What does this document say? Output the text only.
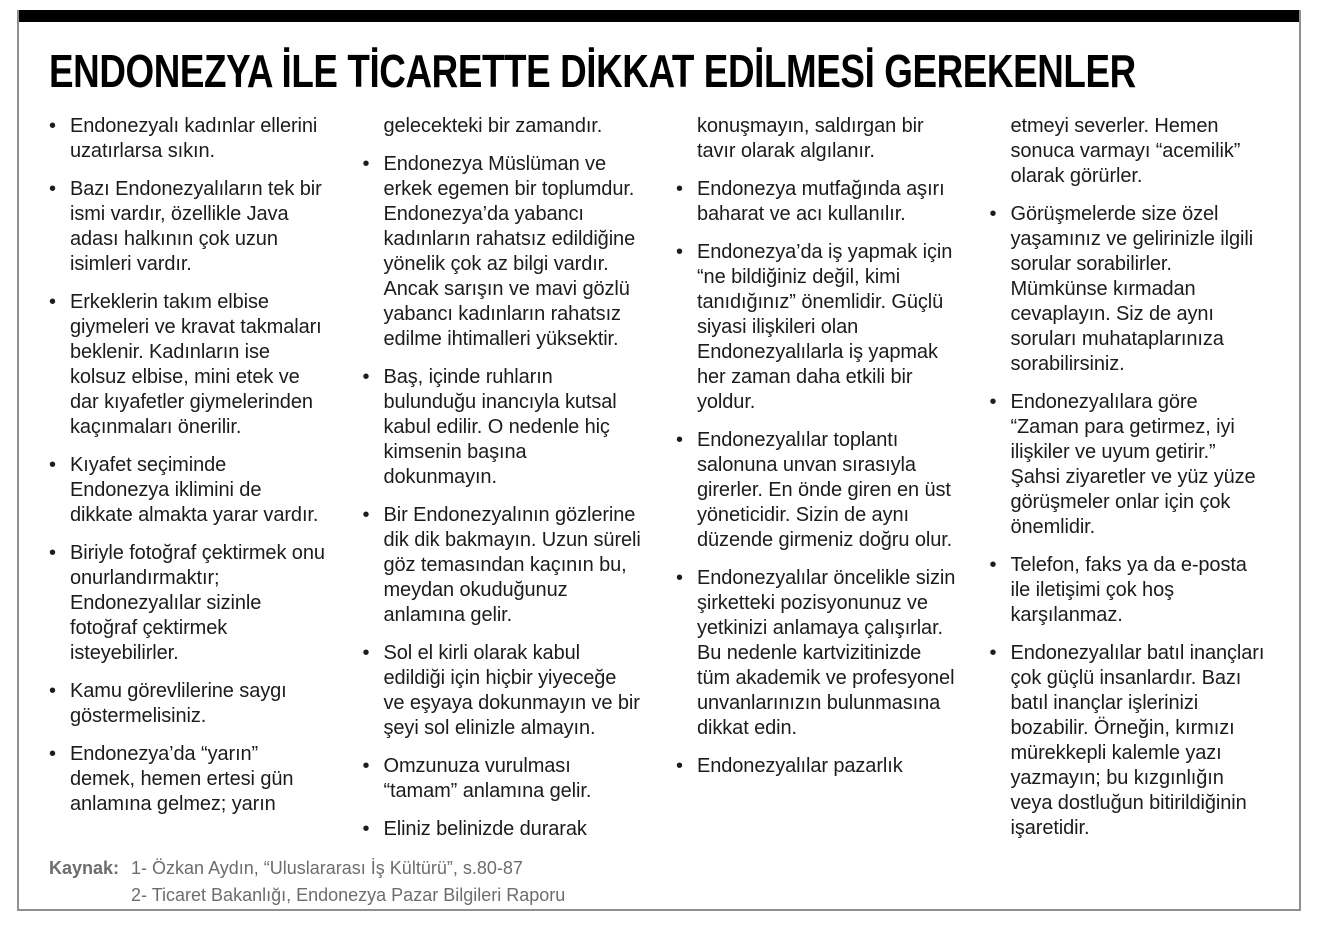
ENDONEZYA İLE TİCARETTE DİKKAT EDİLMESİ GEREKENLER
• Endonezyalı kadınlar ellerini uzatırlarsa sıkın.

• Bazı Endonezyalıların tek bir ismi vardır, özellikle Java adası halkının çok uzun isimleri vardır.

• Erkeklerin takım elbise giymeleri ve kravat takmaları beklenir. Kadınların ise kolsuz elbise, mini etek ve dar kıyafetler giymelerinden kaçınmaları önerilir.

• Kıyafet seçiminde Endonezya iklimini de dikkate almakta yarar vardır.

• Biriyle fotoğraf çektirmek onu onurlandırmaktır; Endonezyalılar sizinle fotoğraf çektirmek isteyebilirler.

• Kamu görevlilerine saygı göstermelisiniz.

• Endonezya’da “yarın” demek, hemen ertesi gün anlamına gelmez; yarın

gelecekteki bir zamandır.

• Endonezya Müslüman ve erkek egemen bir toplumdur. Endonezya’da yabancı kadınların rahatsız edildiğine yönelik çok az bilgi vardır. Ancak sarışın ve mavi gözlü yabancı kadınların rahatsız edilme ihtimalleri yüksektir.

• Baş, içinde ruhların bulunduğu inancıyla kutsal kabul edilir. O nedenle hiç kimsenin başına dokunmayın.

• Bir Endonezyalının gözlerine dik dik bakmayın. Uzun süreli göz temasından kaçının bu, meydan okuduğunuz anlamına gelir.

• Sol el kirli olarak kabul edildiği için hiçbir yiyeceğe ve eşyaya dokunmayın ve bir şeyi sol elinizle almayın.

• Omzunuza vurulması “tamam” anlamına gelir.

• Eliniz belinizde durarak

konuşmayın, saldırgan bir tavır olarak algılanır.

• Endonezya mutfağında aşırı baharat ve acı kullanılır.

• Endonezya’da iş yapmak için “ne bildiğiniz değil, kimi tanıdığınız” önemlidir. Güçlü siyasi ilişkileri olan Endonezyalılarla iş yapmak her zaman daha etkili bir yoldur.

• Endonezyalılar toplantı salonuna unvan sırasıyla girerler. En önde giren en üst yöneticidir. Sizin de aynı düzende girmeniz doğru olur.

• Endonezyalılar öncelikle sizin şirketteki pozisyonunuz ve yetkinizi anlamaya çalışırlar. Bu nedenle kartvizitinizde tüm akademik ve profesyonel unvanlarınızın bulunmasına dikkat edin.

• Endonezyalılar pazarlık

etmeyi severler. Hemen sonuca varmayı “acemilik” olarak görürler.

• Görüşmelerde size özel yaşamınız ve gelirinizle ilgili sorular sorabilirler. Mümkünse kırmadan cevaplayın. Siz de aynı soruları muhataplarınıza sorabilirsiniz.

• Endonezyalılara göre “Zaman para getirmez, iyi ilişkiler ve uyum getirir.” Şahsi ziyaretler ve yüz yüze görüşmeler onlar için çok önemlidir.

• Telefon, faks ya da e-posta ile iletişimi çok hoş karşılanmaz.

• Endonezyalılar batıl inançları çok güçlü insanlardır. Bazı batıl inançlar işlerinizi bozabilir. Örneğin, kırmızı mürekkepli kalemle yazı yazmayın; bu kızgınlığın veya dostluğun bitirildiğinin işaretidir.

Kaynak: 1- Özkan Aydın, “Uluslararası İş Kültürü”, s.80-87
2- Ticaret Bakanlığı, Endonezya Pazar Bilgileri Raporu
